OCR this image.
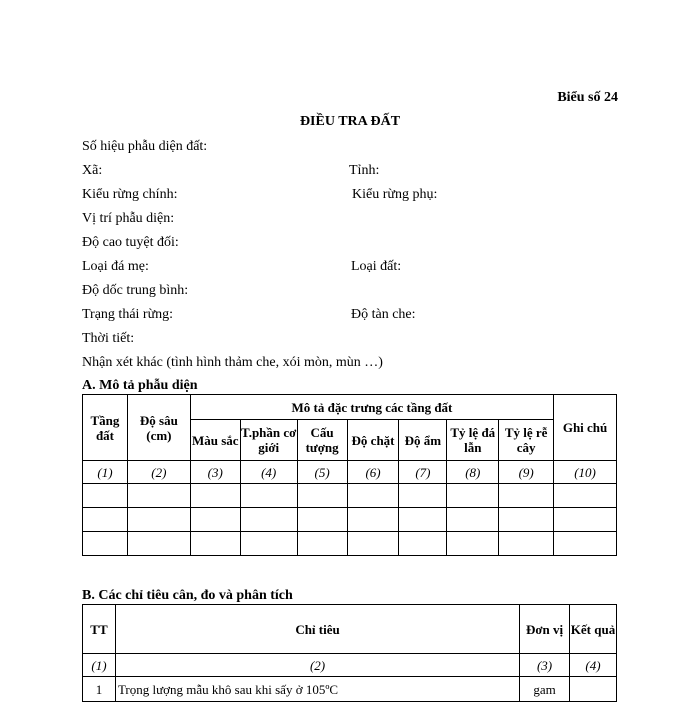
Biểu số 24
ĐIỀU TRA ĐẤT
Số hiệu phẫu diện đất:
Xã:	Tỉnh:
Kiểu rừng chính:	Kiểu rừng phụ:
Vị trí phẫu diện:
Độ cao tuyệt đối:
Loại đá mẹ:	Loại đất:
Độ dốc trung bình:
Trạng thái rừng:	Độ tàn che:
Thời tiết:
Nhận xét khác (tình hình thảm che, xói mòn, mùn …)
A. Mô tả phẫu diện
Tầng đất	Độ sâu (cm)	Mô tả đặc trưng các tầng đất							Ghi chú
		Màu sắc	T.phần cơ giới	Cấu tượng	Độ chặt	Độ ẩm	Tỷ lệ đá lẫn	Tỷ lệ rễ cây	
(1)	(2)	(3)	(4)	(5)	(6)	(7)	(8)	(9)	(10)

B. Các chỉ tiêu cân, đo và phân tích
TT	Chỉ tiêu	Đơn vị	Kết quả
(1)	(2)	(3)	(4)
1	Trọng lượng mẫu khô sau khi sấy ở 105ºC	gam	
